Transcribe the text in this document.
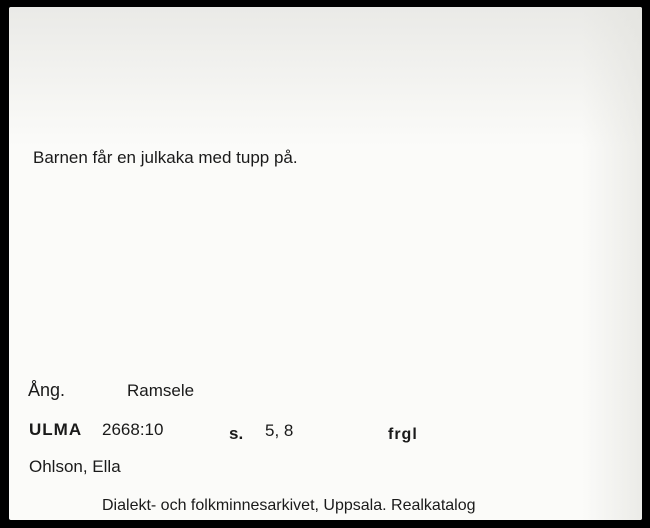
Barnen får en julkaka med tupp på.
Ång.	Ramsele
ULMA 2668:10	s. 5, 8	frgl
Ohlson, Ella
Dialekt- och folkminnesarkivet, Uppsala. Realkatalog
